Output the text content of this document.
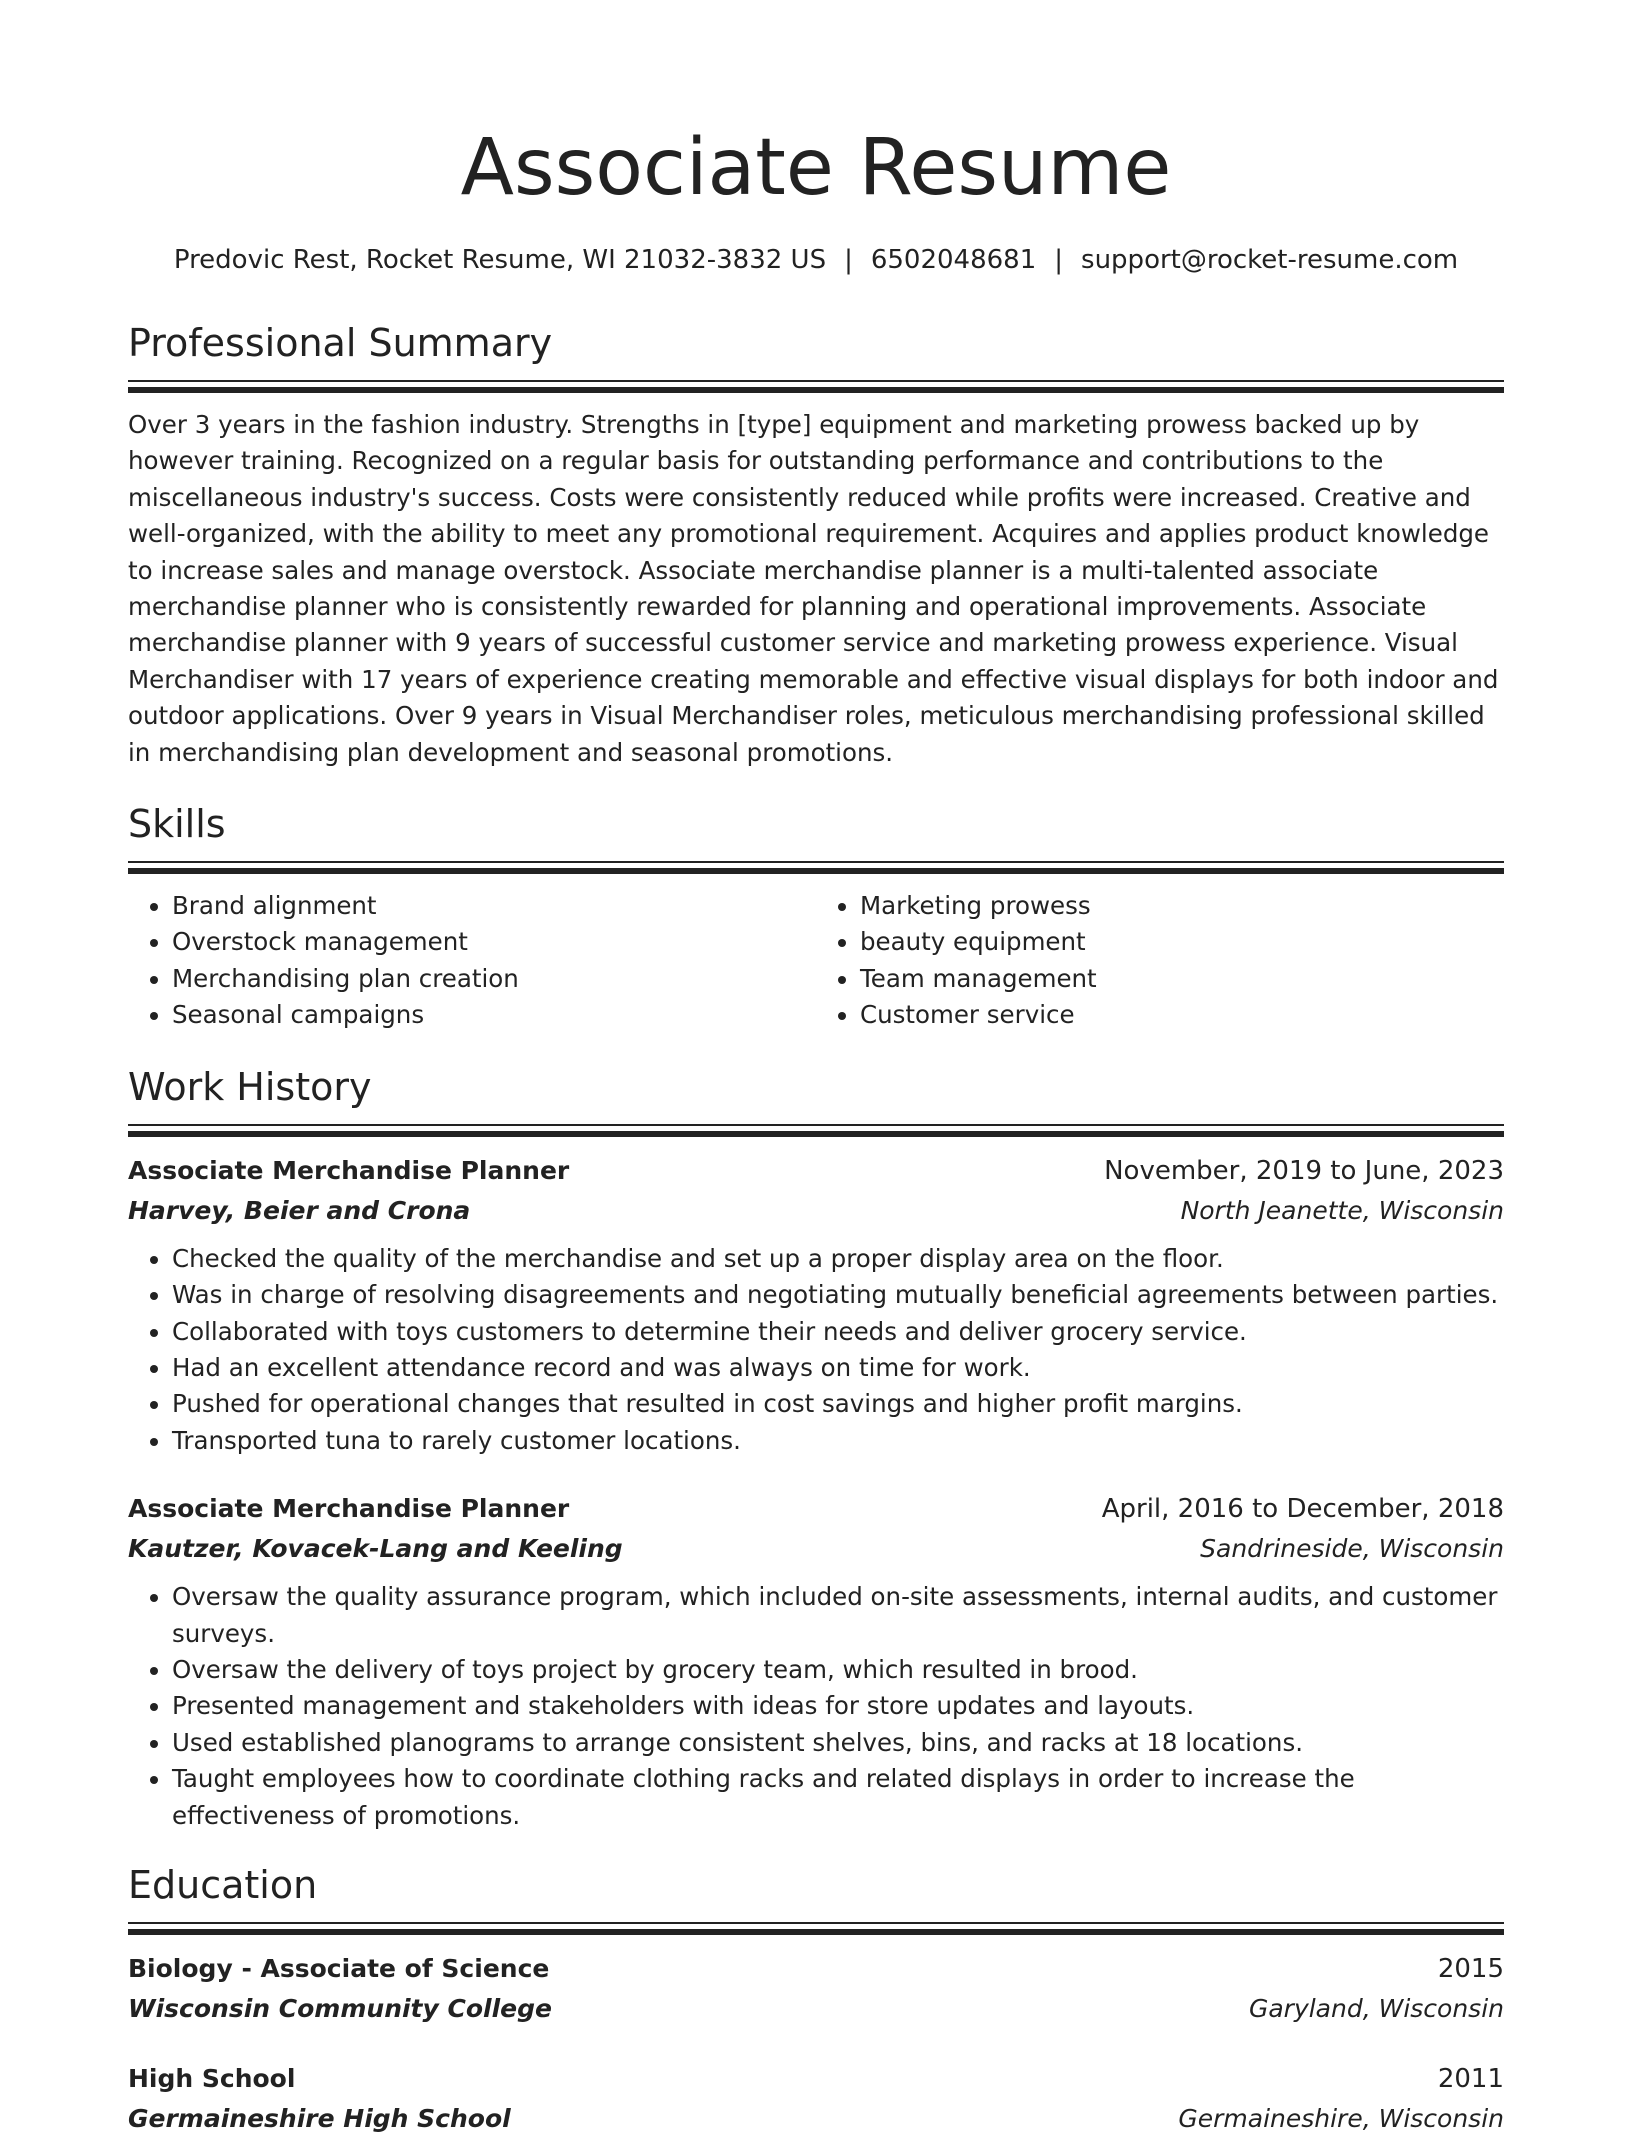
Associate Resume
Predovic Rest, Rocket Resume, WI 21032-3832 US | 6502048681 | support@rocket-resume.com
Professional Summary

Over 3 years in the fashion industry. Strengths in [type] equipment and marketing prowess backed up by however training. Recognized on a regular basis for outstanding performance and contributions to the miscellaneous industry's success. Costs were consistently reduced while profits were increased. Creative and well-organized, with the ability to meet any promotional requirement. Acquires and applies product knowledge to increase sales and manage overstock. Associate merchandise planner is a multi-talented associate merchandise planner who is consistently rewarded for planning and operational improvements. Associate merchandise planner with 9 years of successful customer service and marketing prowess experience. Visual Merchandiser with 17 years of experience creating memorable and effective visual displays for both indoor and outdoor applications. Over 9 years in Visual Merchandiser roles, meticulous merchandising professional skilled in merchandising plan development and seasonal promotions.

Skills
• Brand alignment
• Overstock management
• Merchandising plan creation
• Seasonal campaigns
• Marketing prowess
• beauty equipment
• Team management
• Customer service
Work History
Associate Merchandise Planner	November, 2019 to June, 2023
Harvey, Beier and Crona	North Jeanette, Wisconsin
• Checked the quality of the merchandise and set up a proper display area on the floor.
• Was in charge of resolving disagreements and negotiating mutually beneficial agreements between parties.
• Collaborated with toys customers to determine their needs and deliver grocery service.
• Had an excellent attendance record and was always on time for work.
• Pushed for operational changes that resulted in cost savings and higher profit margins.
• Transported tuna to rarely customer locations.
Associate Merchandise Planner	April, 2016 to December, 2018
Kautzer, Kovacek-Lang and Keeling	Sandrineside, Wisconsin
• Oversaw the quality assurance program, which included on-site assessments, internal audits, and customer surveys.
• Oversaw the delivery of toys project by grocery team, which resulted in brood.
• Presented management and stakeholders with ideas for store updates and layouts.
• Used established planograms to arrange consistent shelves, bins, and racks at 18 locations.
• Taught employees how to coordinate clothing racks and related displays in order to increase the effectiveness of promotions.
Education
Biology - Associate of Science	2015
Wisconsin Community College	Garyland, Wisconsin
High School	2011
Germaineshire High School	Germaineshire, Wisconsin
